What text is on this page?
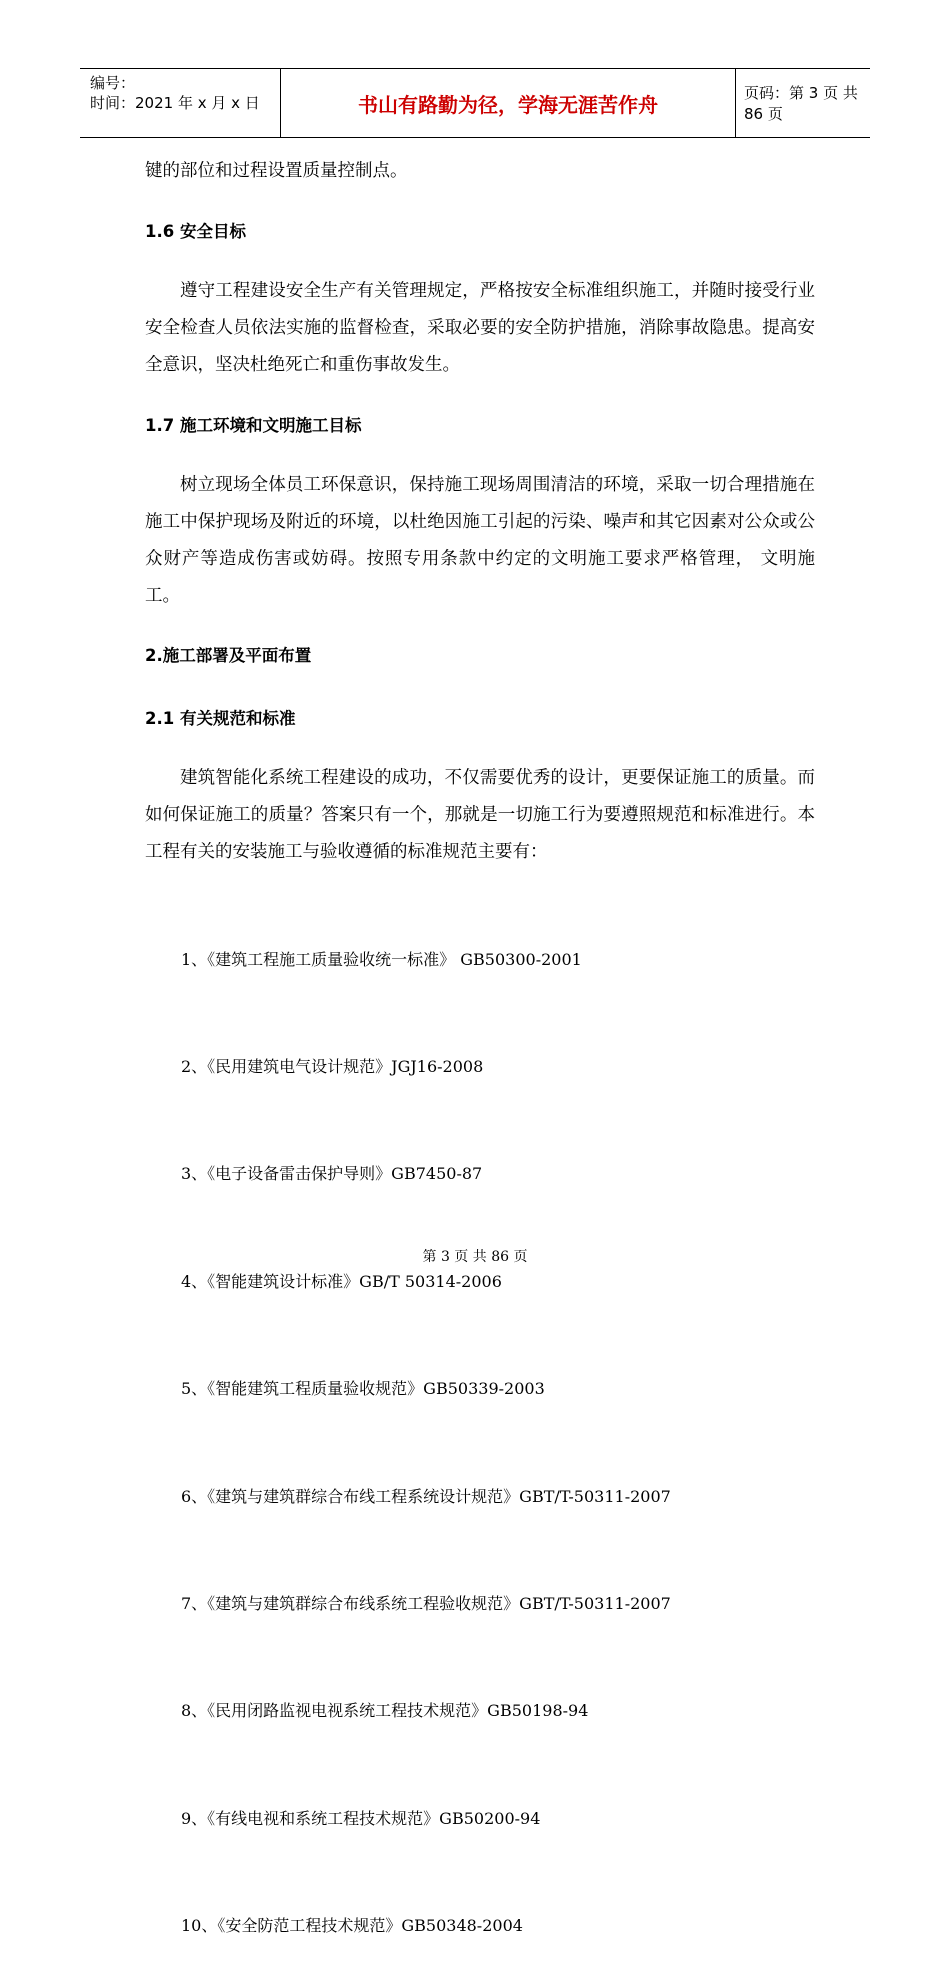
编号：
时间：2021 年 x 月 x 日	书山有路勤为径，学海无涯苦作舟	页码：第 3 页 共 86 页
键的部位和过程设置质量控制点。
1.6 安全目标
遵守工程建设安全生产有关管理规定，严格按安全标准组织施工，并随时接受行业安全检查人员依法实施的监督检查，采取必要的安全防护措施，消除事故隐患。提高安全意识，坚决杜绝死亡和重伤事故发生。
1.7 施工环境和文明施工目标
树立现场全体员工环保意识，保持施工现场周围清洁的环境，采取一切合理措施在施工中保护现场及附近的环境，以杜绝因施工引起的污染、噪声和其它因素对公众或公众财产等造成伤害或妨碍。按照专用条款中约定的文明施工要求严格管理， 文明施工。
2.施工部署及平面布置
2.1 有关规范和标准
建筑智能化系统工程建设的成功，不仅需要优秀的设计，更要保证施工的质量。而如何保证施工的质量？答案只有一个，那就是一切施工行为要遵照规范和标准进行。本工程有关的安装施工与验收遵循的标准规范主要有：

1、《建筑工程施工质量验收统一标准》 GB50300-2001

2、《民用建筑电气设计规范》JGJ16-2008

3、《电子设备雷击保护导则》GB7450-87

4、《智能建筑设计标准》GB/T 50314-2006

5、《智能建筑工程质量验收规范》GB50339-2003

6、《建筑与建筑群综合布线工程系统设计规范》GBT/T-50311-2007

7、《建筑与建筑群综合布线系统工程验收规范》GBT/T-50311-2007

8、《民用闭路监视电视系统工程技术规范》GB50198-94

9、《有线电视和系统工程技术规范》GB50200-94

10、《安全防范工程技术规范》GB50348-2004

第 3 页 共 86 页
